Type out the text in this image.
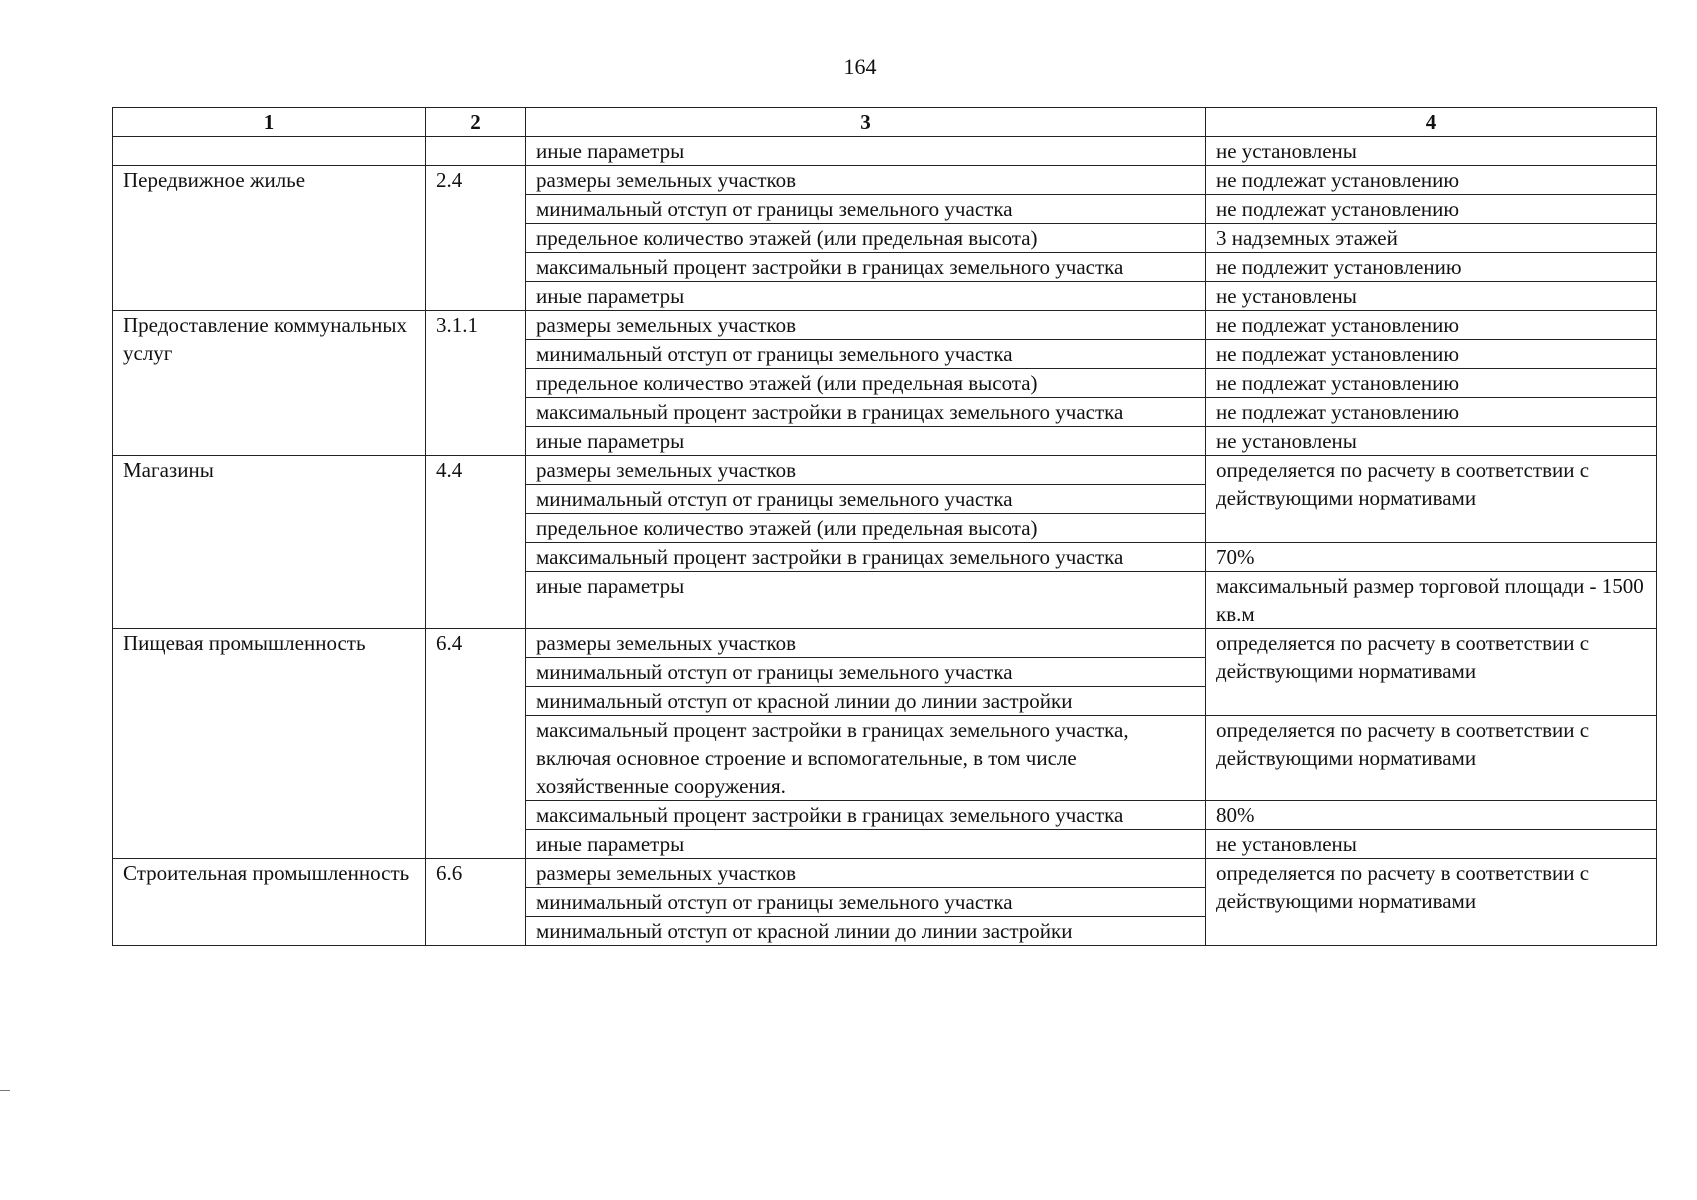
164
1	2	3	4
		иные параметры	не установлены
Передвижное жилье	2.4	размеры земельных участков	не подлежат установлению
		минимальный отступ от границы земельного участка	не подлежат установлению
		предельное количество этажей (или предельная высота)	3 надземных этажей
		максимальный процент застройки в границах земельного участка	не подлежит установлению
		иные параметры	не установлены
Предоставление коммунальных услуг	3.1.1	размеры земельных участков	не подлежат установлению
		минимальный отступ от границы земельного участка	не подлежат установлению
		предельное количество этажей (или предельная высота)	не подлежат установлению
		максимальный процент застройки в границах земельного участка	не подлежат установлению
		иные параметры	не установлены
Магазины	4.4	размеры земельных участков	определяется по расчету в соответствии с действующими нормативами
		минимальный отступ от границы земельного участка	
		предельное количество этажей (или предельная высота)	
		максимальный процент застройки в границах земельного участка	70%
		иные параметры	максимальный размер торговой площади - 1500 кв.м
Пищевая промышленность	6.4	размеры земельных участков	определяется по расчету в соответствии с действующими нормативами
		минимальный отступ от границы земельного участка	
		минимальный отступ от красной линии до линии застройки	
		максимальный процент застройки в границах земельного участка, включая основное строение и вспомогательные, в том числе хозяйственные сооружения.	определяется по расчету в соответствии с действующими нормативами
		максимальный процент застройки в границах земельного участка	80%
		иные параметры	не установлены
Строительная промышленность	6.6	размеры земельных участков	определяется по расчету в соответствии с действующими нормативами
		минимальный отступ от границы земельного участка	
		минимальный отступ от красной линии до линии застройки	
